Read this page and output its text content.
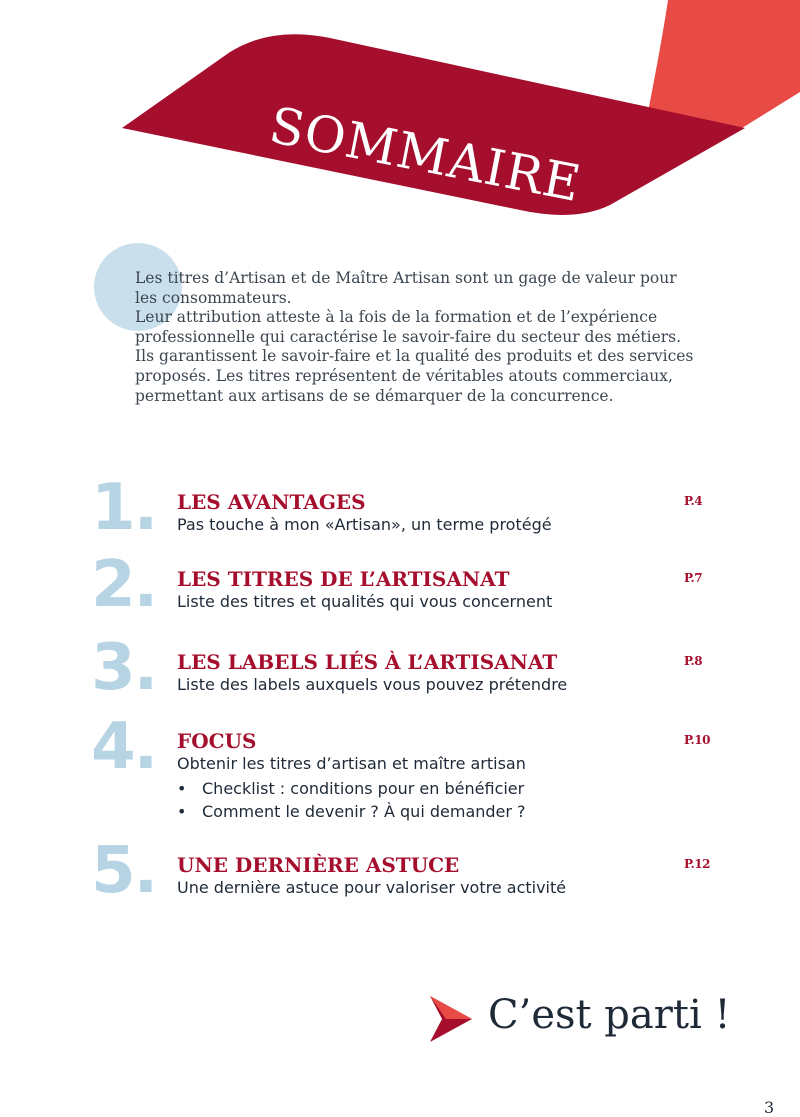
SOMMAIRE

Les titres d’Artisan et de Maître Artisan sont un gage de valeur pour les consommateurs.

Leur attribution atteste à la fois de la formation et de l’expérience professionnelle qui caractérise le savoir-faire du secteur des métiers. Ils garantissent le savoir-faire et la qualité des produits et des services proposés. Les titres représentent de véritables atouts commerciaux, permettant aux artisans de se démarquer de la concurrence.

1. LES AVANTAGES	P.4

Pas touche à mon «Artisan», un terme protégé

2. LES TITRES DE L’ARTISANAT	P.7

Liste des titres et qualités qui vous concernent

3. LES LABELS LIÉS À L’ARTISANAT	P.8

Liste des labels auxquels vous pouvez prétendre

4. FOCUS	P.10

Obtenir les titres d’artisan et maître artisan

• Checklist : conditions pour en bénéficier
• Comment le devenir ? À qui demander ?
5. UNE DERNIÈRE ASTUCE	P.12

Une dernière astuce pour valoriser votre activité

C’est parti !
3
